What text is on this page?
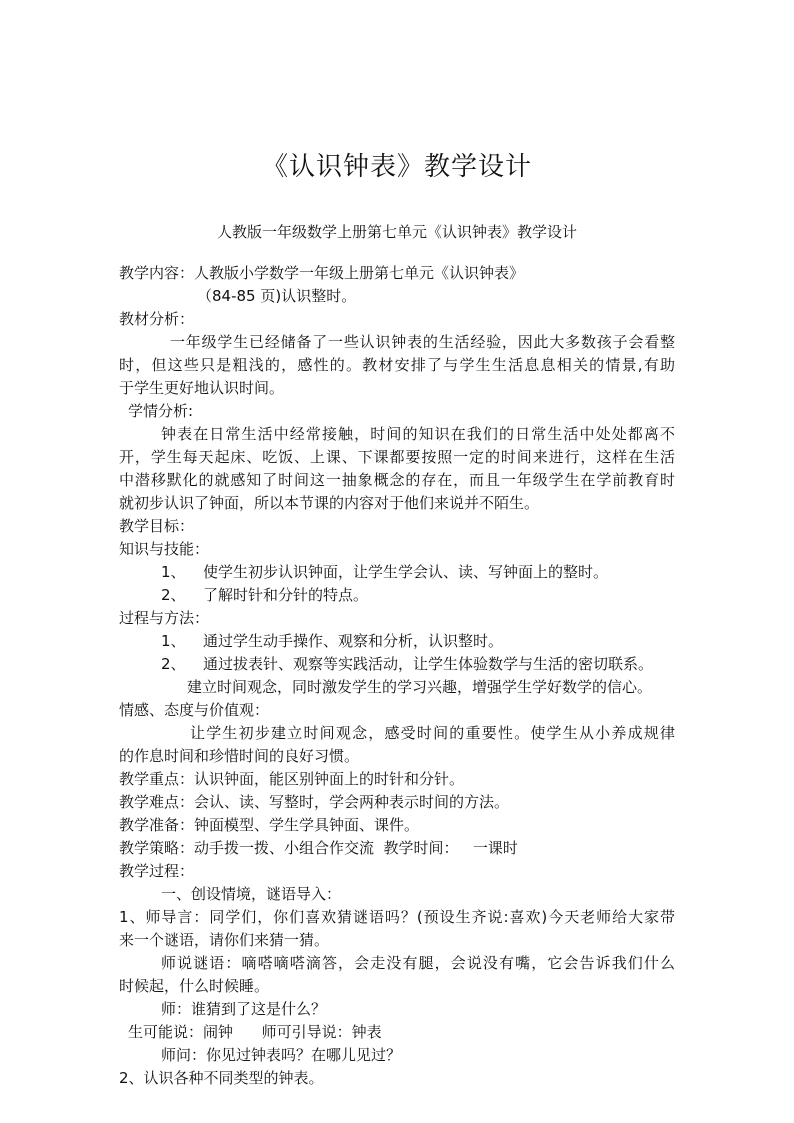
《认识钟表》教学设计
人教版一年级数学上册第七单元《认识钟表》教学设计
教学内容：人教版小学数学一年级上册第七单元《认识钟表》
（84-85 页)认识整时。
教材分析：
一年级学生已经储备了一些认识钟表的生活经验，因此大多数孩子会看整
时，但这些只是粗浅的，感性的。教材安排了与学生生活息息相关的情景,有助
于学生更好地认识时间。
学情分析:
钟表在日常生活中经常接触，时间的知识在我们的日常生活中处处都离不
开，学生每天起床、吃饭、上课、下课都要按照一定的时间来进行，这样在生活
中潜移默化的就感知了时间这一抽象概念的存在，而且一年级学生在学前教育时
就初步认识了钟面，所以本节课的内容对于他们来说并不陌生。
教学目标：
知识与技能：
1、 使学生初步认识钟面，让学生学会认、读、写钟面上的整时。
2、 了解时针和分针的特点。
过程与方法：
1、 通过学生动手操作、观察和分析，认识整时。
2、 通过拔表针、观察等实践活动，让学生体验数学与生活的密切联系。
建立时间观念，同时激发学生的学习兴趣，增强学生学好数学的信心。
情感、态度与价值观：
让学生初步建立时间观念，感受时间的重要性。使学生从小养成规律
的作息时间和珍惜时间的良好习惯。
教学重点：认识钟面，能区别钟面上的时针和分针。
教学难点：会认、读、写整时，学会两种表示时间的方法。
教学准备：钟面模型、学生学具钟面、课件。
教学策略：动手拨一拨、小组合作交流  教学时间：   一课时
教学过程：
一、创设情境，谜语导入：
1、师导言：同学们，你们喜欢猜谜语吗？(预设生齐说:喜欢)今天老师给大家带
来一个谜语，请你们来猜一猜。
师说谜语：嘀嗒嘀嗒滴答，会走没有腿，会说没有嘴，它会告诉我们什么
时候起，什么时候睡。
师：谁猜到了这是什么？
生可能说：闹钟      师可引导说：钟表
师问：你见过钟表吗？在哪儿见过？
2、认识各种不同类型的钟表。
